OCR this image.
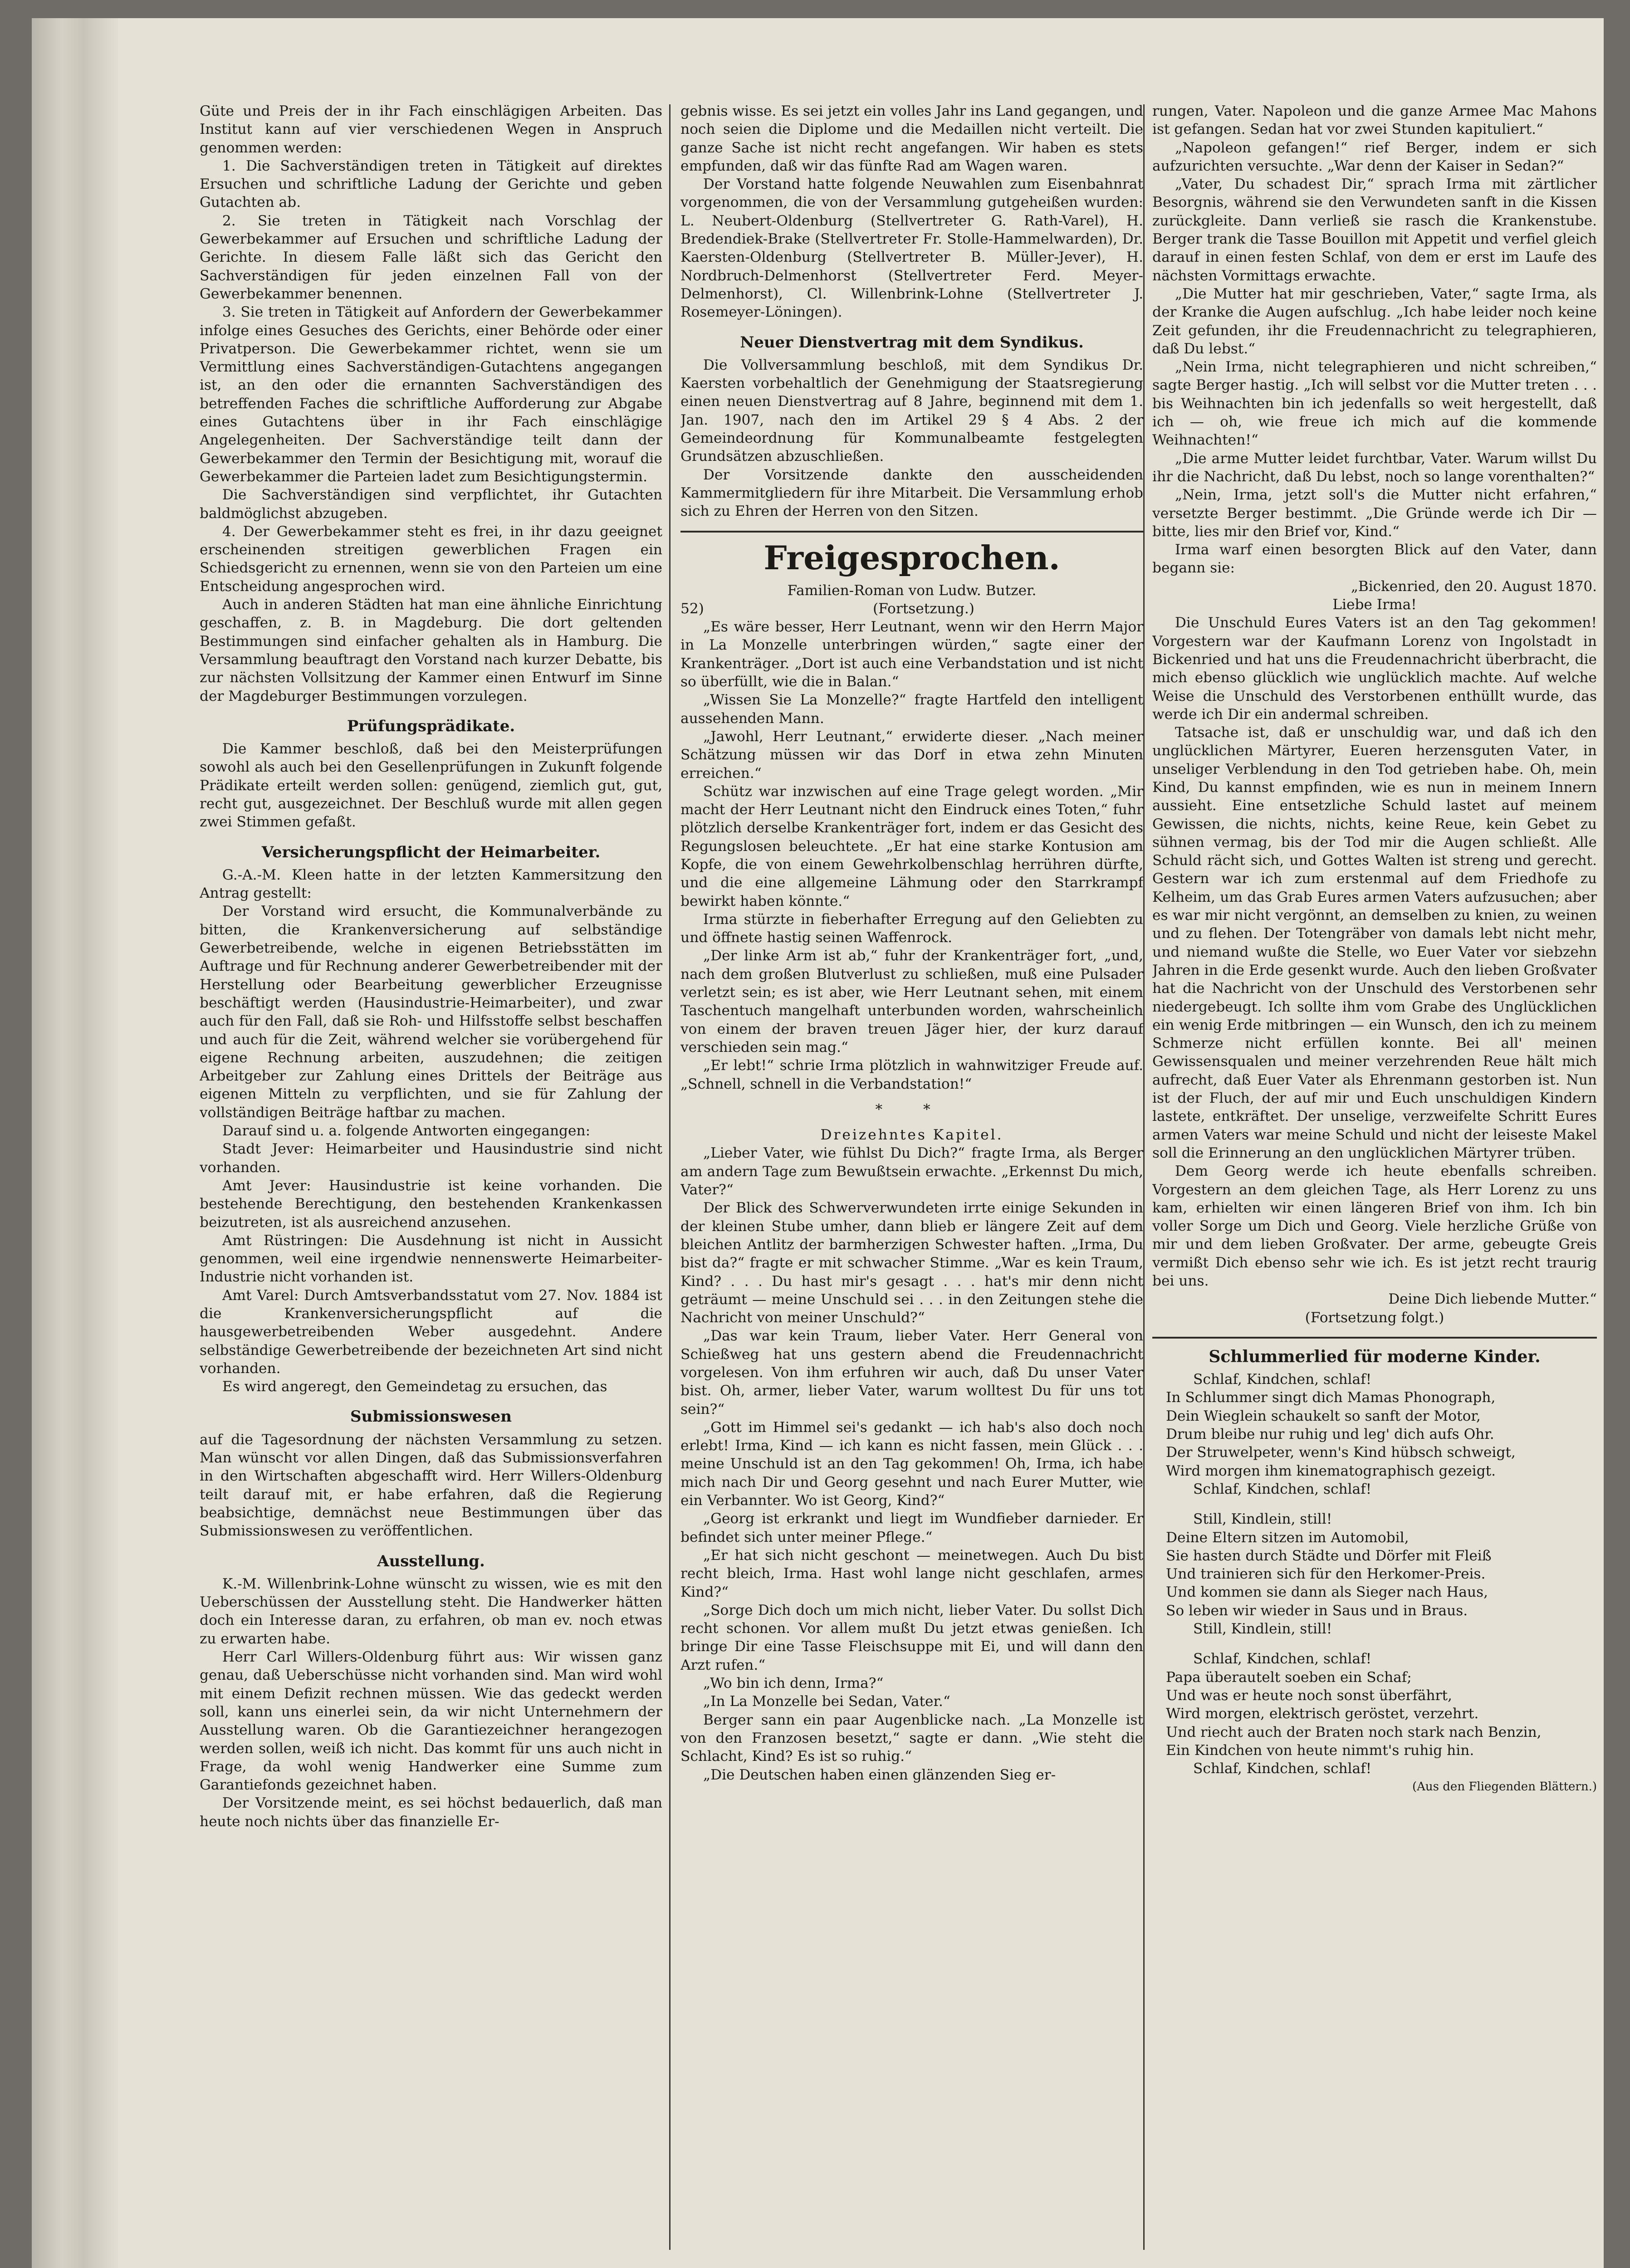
Güte und Preis der in ihr Fach einschlägigen Arbeiten. Das Institut kann auf vier verschiedenen Wegen in Anspruch genommen werden:

1. Die Sachverständigen treten in Tätigkeit auf direktes Ersuchen und schriftliche Ladung der Gerichte und geben Gutachten ab.

2. Sie treten in Tätigkeit nach Vorschlag der Gewerbekammer auf Ersuchen und schriftliche Ladung der Gerichte. In diesem Falle läßt sich das Gericht den Sachverständigen für jeden einzelnen Fall von der Gewerbekammer benennen.

3. Sie treten in Tätigkeit auf Anfordern der Gewerbekammer infolge eines Gesuches des Gerichts, einer Behörde oder einer Privatperson. Die Gewerbekammer richtet, wenn sie um Vermittlung eines Sachverständigen-Gutachtens angegangen ist, an den oder die ernannten Sachverständigen des betreffenden Faches die schriftliche Aufforderung zur Abgabe eines Gutachtens über in ihr Fach einschlägige Angelegenheiten. Der Sachverständige teilt dann der Gewerbekammer den Termin der Besichtigung mit, worauf die Gewerbekammer die Parteien ladet zum Besichtigungstermin.

Die Sachverständigen sind verpflichtet, ihr Gutachten baldmöglichst abzugeben.

4. Der Gewerbekammer steht es frei, in ihr dazu geeignet erscheinenden streitigen gewerblichen Fragen ein Schiedsgericht zu ernennen, wenn sie von den Parteien um eine Entscheidung angesprochen wird.

Auch in anderen Städten hat man eine ähnliche Einrichtung geschaffen, z. B. in Magdeburg. Die dort geltenden Bestimmungen sind einfacher gehalten als in Hamburg. Die Versammlung beauftragt den Vorstand nach kurzer Debatte, bis zur nächsten Vollsitzung der Kammer einen Entwurf im Sinne der Magdeburger Bestimmungen vorzulegen.

Prüfungsprädikate.

Die Kammer beschloß, daß bei den Meisterprüfungen sowohl als auch bei den Gesellenprüfungen in Zukunft folgende Prädikate erteilt werden sollen: genügend, ziemlich gut, gut, recht gut, ausgezeichnet. Der Beschluß wurde mit allen gegen zwei Stimmen gefaßt.

Versicherungspflicht der Heimarbeiter.

G.-A.-M. Kleen hatte in der letzten Kammersitzung den Antrag gestellt:

Der Vorstand wird ersucht, die Kommunalverbände zu bitten, die Krankenversicherung auf selbständige Gewerbetreibende, welche in eigenen Betriebsstätten im Auftrage und für Rechnung anderer Gewerbetreibender mit der Herstellung oder Bearbeitung gewerblicher Erzeugnisse beschäftigt werden (Hausindustrie-Heimarbeiter), und zwar auch für den Fall, daß sie Roh- und Hilfsstoffe selbst beschaffen und auch für die Zeit, während welcher sie vorübergehend für eigene Rechnung arbeiten, auszudehnen; die zeitigen Arbeitgeber zur Zahlung eines Drittels der Beiträge aus eigenen Mitteln zu verpflichten, und sie für Zahlung der vollständigen Beiträge haftbar zu machen.

Darauf sind u. a. folgende Antworten eingegangen:

Stadt Jever: Heimarbeiter und Hausindustrie sind nicht vorhanden.

Amt Jever: Hausindustrie ist keine vorhanden. Die bestehende Berechtigung, den bestehenden Krankenkassen beizutreten, ist als ausreichend anzusehen.

Amt Rüstringen: Die Ausdehnung ist nicht in Aussicht genommen, weil eine irgendwie nennenswerte Heimarbeiter-Industrie nicht vorhanden ist.

Amt Varel: Durch Amtsverbandsstatut vom 27. Nov. 1884 ist die Krankenversicherungspflicht auf die hausgewerbetreibenden Weber ausgedehnt. Andere selbständige Gewerbetreibende der bezeichneten Art sind nicht vorhanden.

Es wird angeregt, den Gemeindetag zu ersuchen, das

Submissionswesen

auf die Tagesordnung der nächsten Versammlung zu setzen. Man wünscht vor allen Dingen, daß das Submissionsverfahren in den Wirtschaften abgeschafft wird. Herr Willers-Oldenburg teilt darauf mit, er habe erfahren, daß die Regierung beabsichtige, demnächst neue Bestimmungen über das Submissionswesen zu veröffentlichen.

Ausstellung.

K.-M. Willenbrink-Lohne wünscht zu wissen, wie es mit den Ueberschüssen der Ausstellung steht. Die Handwerker hätten doch ein Interesse daran, zu erfahren, ob man ev. noch etwas zu erwarten habe.

Herr Carl Willers-Oldenburg führt aus: Wir wissen ganz genau, daß Ueberschüsse nicht vorhanden sind. Man wird wohl mit einem Defizit rechnen müssen. Wie das gedeckt werden soll, kann uns einerlei sein, da wir nicht Unternehmern der Ausstellung waren. Ob die Garantiezeichner herangezogen werden sollen, weiß ich nicht. Das kommt für uns auch nicht in Frage, da wohl wenig Handwerker eine Summe zum Garantiefonds gezeichnet haben.

Der Vorsitzende meint, es sei höchst bedauerlich, daß man heute noch nichts über das finanzielle Er-

gebnis wisse. Es sei jetzt ein volles Jahr ins Land gegangen, und noch seien die Diplome und die Medaillen nicht verteilt. Die ganze Sache ist nicht recht angefangen. Wir haben es stets empfunden, daß wir das fünfte Rad am Wagen waren.

Der Vorstand hatte folgende Neuwahlen zum Eisenbahnrat vorgenommen, die von der Versammlung gutgeheißen wurden: L. Neubert-Oldenburg (Stellvertreter G. Rath-Varel), H. Bredendiek-Brake (Stellvertreter Fr. Stolle-Hammelwarden), Dr. Kaersten-Oldenburg (Stellvertreter B. Müller-Jever), H. Nordbruch-Delmenhorst (Stellvertreter Ferd. Meyer-Delmenhorst), Cl. Willenbrink-Lohne (Stellvertreter J. Rosemeyer-Löningen).

Neuer Dienstvertrag mit dem Syndikus.

Die Vollversammlung beschloß, mit dem Syndikus Dr. Kaersten vorbehaltlich der Genehmigung der Staatsregierung einen neuen Dienstvertrag auf 8 Jahre, beginnend mit dem 1. Jan. 1907, nach den im Artikel 29 § 4 Abs. 2 der Gemeindeordnung für Kommunalbeamte festgelegten Grundsätzen abzuschließen.

Der Vorsitzende dankte den ausscheidenden Kammermitgliedern für ihre Mitarbeit. Die Versammlung erhob sich zu Ehren der Herren von den Sitzen.

Freigesprochen.

Familien-Roman von Ludw. Butzer.

52)	(Fortsetzung.)

„Es wäre besser, Herr Leutnant, wenn wir den Herrn Major in La Monzelle unterbringen würden,“ sagte einer der Krankenträger. „Dort ist auch eine Verbandstation und ist nicht so überfüllt, wie die in Balan.“

„Wissen Sie La Monzelle?“ fragte Hartfeld den intelligent aussehenden Mann.

„Jawohl, Herr Leutnant,“ erwiderte dieser. „Nach meiner Schätzung müssen wir das Dorf in etwa zehn Minuten erreichen.“

Schütz war inzwischen auf eine Trage gelegt worden. „Mir macht der Herr Leutnant nicht den Eindruck eines Toten,“ fuhr plötzlich derselbe Krankenträger fort, indem er das Gesicht des Regungslosen beleuchtete. „Er hat eine starke Kontusion am Kopfe, die von einem Gewehrkolbenschlag herrühren dürfte, und die eine allgemeine Lähmung oder den Starrkrampf bewirkt haben könnte.“

Irma stürzte in fieberhafter Erregung auf den Geliebten zu und öffnete hastig seinen Waffenrock.

„Der linke Arm ist ab,“ fuhr der Krankenträger fort, „und, nach dem großen Blutverlust zu schließen, muß eine Pulsader verletzt sein; es ist aber, wie Herr Leutnant sehen, mit einem Taschentuch mangelhaft unterbunden worden, wahrscheinlich von einem der braven treuen Jäger hier, der kurz darauf verschieden sein mag.“

„Er lebt!“ schrie Irma plötzlich in wahnwitziger Freude auf. „Schnell, schnell in die Verbandstation!“

* *

Dreizehntes Kapitel.

„Lieber Vater, wie fühlst Du Dich?“ fragte Irma, als Berger am andern Tage zum Bewußtsein erwachte. „Erkennst Du mich, Vater?“

Der Blick des Schwerverwundeten irrte einige Sekunden in der kleinen Stube umher, dann blieb er längere Zeit auf dem bleichen Antlitz der barmherzigen Schwester haften. „Irma, Du bist da?“ fragte er mit schwacher Stimme. „War es kein Traum, Kind? . . . Du hast mir's gesagt . . . hat's mir denn nicht geträumt — meine Unschuld sei . . . in den Zeitungen stehe die Nachricht von meiner Unschuld?“

„Das war kein Traum, lieber Vater. Herr General von Schießweg hat uns gestern abend die Freudennachricht vorgelesen. Von ihm erfuhren wir auch, daß Du unser Vater bist. Oh, armer, lieber Vater, warum wolltest Du für uns tot sein?“

„Gott im Himmel sei's gedankt — ich hab's also doch noch erlebt! Irma, Kind — ich kann es nicht fassen, mein Glück . . . meine Unschuld ist an den Tag gekommen! Oh, Irma, ich habe mich nach Dir und Georg gesehnt und nach Eurer Mutter, wie ein Verbannter. Wo ist Georg, Kind?“

„Georg ist erkrankt und liegt im Wundfieber darnieder. Er befindet sich unter meiner Pflege.“

„Er hat sich nicht geschont — meinetwegen. Auch Du bist recht bleich, Irma. Hast wohl lange nicht geschlafen, armes Kind?“

„Sorge Dich doch um mich nicht, lieber Vater. Du sollst Dich recht schonen. Vor allem mußt Du jetzt etwas genießen. Ich bringe Dir eine Tasse Fleischsuppe mit Ei, und will dann den Arzt rufen.“

„Wo bin ich denn, Irma?“

„In La Monzelle bei Sedan, Vater.“

Berger sann ein paar Augenblicke nach. „La Monzelle ist von den Franzosen besetzt,“ sagte er dann. „Wie steht die Schlacht, Kind? Es ist so ruhig.“

„Die Deutschen haben einen glänzenden Sieg er-

rungen, Vater. Napoleon und die ganze Armee Mac Mahons ist gefangen. Sedan hat vor zwei Stunden kapituliert.“

„Napoleon gefangen!“ rief Berger, indem er sich aufzurichten versuchte. „War denn der Kaiser in Sedan?“

„Vater, Du schadest Dir,“ sprach Irma mit zärtlicher Besorgnis, während sie den Verwundeten sanft in die Kissen zurückgleite. Dann verließ sie rasch die Krankenstube. Berger trank die Tasse Bouillon mit Appetit und verfiel gleich darauf in einen festen Schlaf, von dem er erst im Laufe des nächsten Vormittags erwachte.

„Die Mutter hat mir geschrieben, Vater,“ sagte Irma, als der Kranke die Augen aufschlug. „Ich habe leider noch keine Zeit gefunden, ihr die Freudennachricht zu telegraphieren, daß Du lebst.“

„Nein Irma, nicht telegraphieren und nicht schreiben,“ sagte Berger hastig. „Ich will selbst vor die Mutter treten . . . bis Weihnachten bin ich jedenfalls so weit hergestellt, daß ich — oh, wie freue ich mich auf die kommende Weihnachten!“

„Die arme Mutter leidet furchtbar, Vater. Warum willst Du ihr die Nachricht, daß Du lebst, noch so lange vorenthalten?“

„Nein, Irma, jetzt soll's die Mutter nicht erfahren,“ versetzte Berger bestimmt. „Die Gründe werde ich Dir — bitte, lies mir den Brief vor, Kind.“

Irma warf einen besorgten Blick auf den Vater, dann begann sie:

„Bickenried, den 20. August 1870.

Liebe Irma!

Die Unschuld Eures Vaters ist an den Tag gekommen! Vorgestern war der Kaufmann Lorenz von Ingolstadt in Bickenried und hat uns die Freudennachricht überbracht, die mich ebenso glücklich wie unglücklich machte. Auf welche Weise die Unschuld des Verstorbenen enthüllt wurde, das werde ich Dir ein andermal schreiben.

Tatsache ist, daß er unschuldig war, und daß ich den unglücklichen Märtyrer, Eueren herzensguten Vater, in unseliger Verblendung in den Tod getrieben habe. Oh, mein Kind, Du kannst empfinden, wie es nun in meinem Innern aussieht. Eine entsetzliche Schuld lastet auf meinem Gewissen, die nichts, nichts, keine Reue, kein Gebet zu sühnen vermag, bis der Tod mir die Augen schließt. Alle Schuld rächt sich, und Gottes Walten ist streng und gerecht. Gestern war ich zum erstenmal auf dem Friedhofe zu Kelheim, um das Grab Eures armen Vaters aufzusuchen; aber es war mir nicht vergönnt, an demselben zu knien, zu weinen und zu flehen. Der Totengräber von damals lebt nicht mehr, und niemand wußte die Stelle, wo Euer Vater vor siebzehn Jahren in die Erde gesenkt wurde. Auch den lieben Großvater hat die Nachricht von der Unschuld des Verstorbenen sehr niedergebeugt. Ich sollte ihm vom Grabe des Unglücklichen ein wenig Erde mitbringen — ein Wunsch, den ich zu meinem Schmerze nicht erfüllen konnte. Bei all' meinen Gewissensqualen und meiner verzehrenden Reue hält mich aufrecht, daß Euer Vater als Ehrenmann gestorben ist. Nun ist der Fluch, der auf mir und Euch unschuldigen Kindern lastete, entkräftet. Der unselige, verzweifelte Schritt Eures armen Vaters war meine Schuld und nicht der leiseste Makel soll die Erinnerung an den unglücklichen Märtyrer trüben.

Dem Georg werde ich heute ebenfalls schreiben. Vorgestern an dem gleichen Tage, als Herr Lorenz zu uns kam, erhielten wir einen längeren Brief von ihm. Ich bin voller Sorge um Dich und Georg. Viele herzliche Grüße von mir und dem lieben Großvater. Der arme, gebeugte Greis vermißt Dich ebenso sehr wie ich. Es ist jetzt recht traurig bei uns.

Deine Dich liebende Mutter.“

(Fortsetzung folgt.)

Schlummerlied für moderne Kinder.

Schlaf, Kindchen, schlaf!

In Schlummer singt dich Mamas Phonograph,

Dein Wieglein schaukelt so sanft der Motor,

Drum bleibe nur ruhig und leg' dich aufs Ohr.

Der Struwelpeter, wenn's Kind hübsch schweigt,

Wird morgen ihm kinematographisch gezeigt.

Schlaf, Kindchen, schlaf!

Still, Kindlein, still!

Deine Eltern sitzen im Automobil,

Sie hasten durch Städte und Dörfer mit Fleiß

Und trainieren sich für den Herkomer-Preis.

Und kommen sie dann als Sieger nach Haus,

So leben wir wieder in Saus und in Braus.

Still, Kindlein, still!

Schlaf, Kindchen, schlaf!

Papa überautelt soeben ein Schaf;

Und was er heute noch sonst überfährt,

Wird morgen, elektrisch geröstet, verzehrt.

Und riecht auch der Braten noch stark nach Benzin,

Ein Kindchen von heute nimmt's ruhig hin.

Schlaf, Kindchen, schlaf!

(Aus den Fliegenden Blättern.)
